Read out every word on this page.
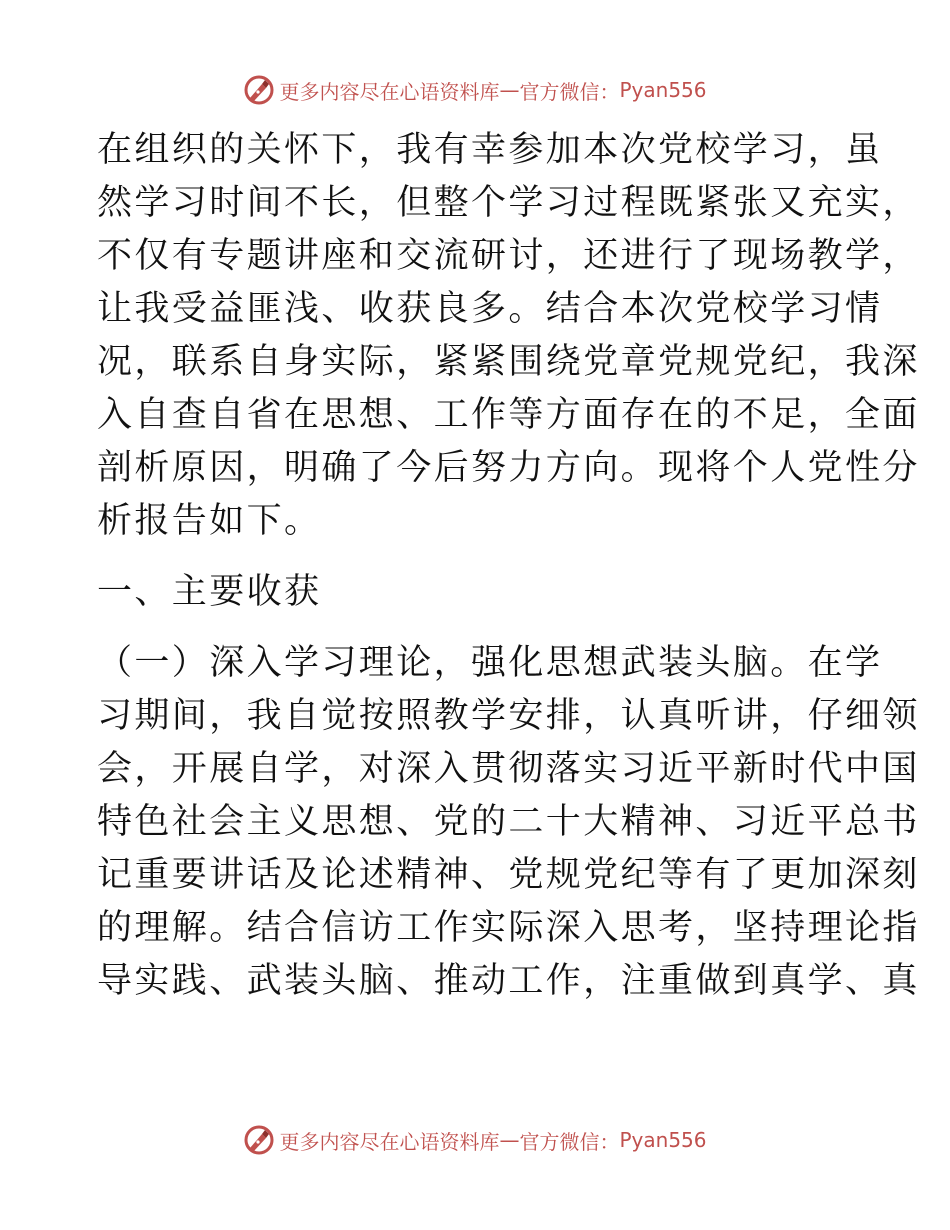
更多内容尽在心语资料库 — 官方微信： Pyan556

在组织的关怀下，我有幸参加本次党校学习，虽

然学习时间不长，但整个学习过程既紧张又充实，

不仅有专题讲座和交流研讨，还进行了现场教学，

让我受益匪浅、收获良多。结合本次党校学习情

况，联系自身实际，紧紧围绕党章党规党纪，我深

入自查自省在思想、工作等方面存在的不足，全面

剖析原因，明确了今后努力方向。现将个人党性分

析报告如下。

一、主要收获

（一）深入学习理论，强化思想武装头脑。在学

习期间，我自觉按照教学安排，认真听讲，仔细领

会，开展自学，对深入贯彻落实习近平新时代中国

特色社会主义思想、党的二十大精神、习近平总书

记重要讲话及论述精神、党规党纪等有了更加深刻

的理解。结合信访工作实际深入思考，坚持理论指

导实践、武装头脑、推动工作，注重做到真学、真

更多内容尽在心语资料库 — 官方微信： Pyan556
